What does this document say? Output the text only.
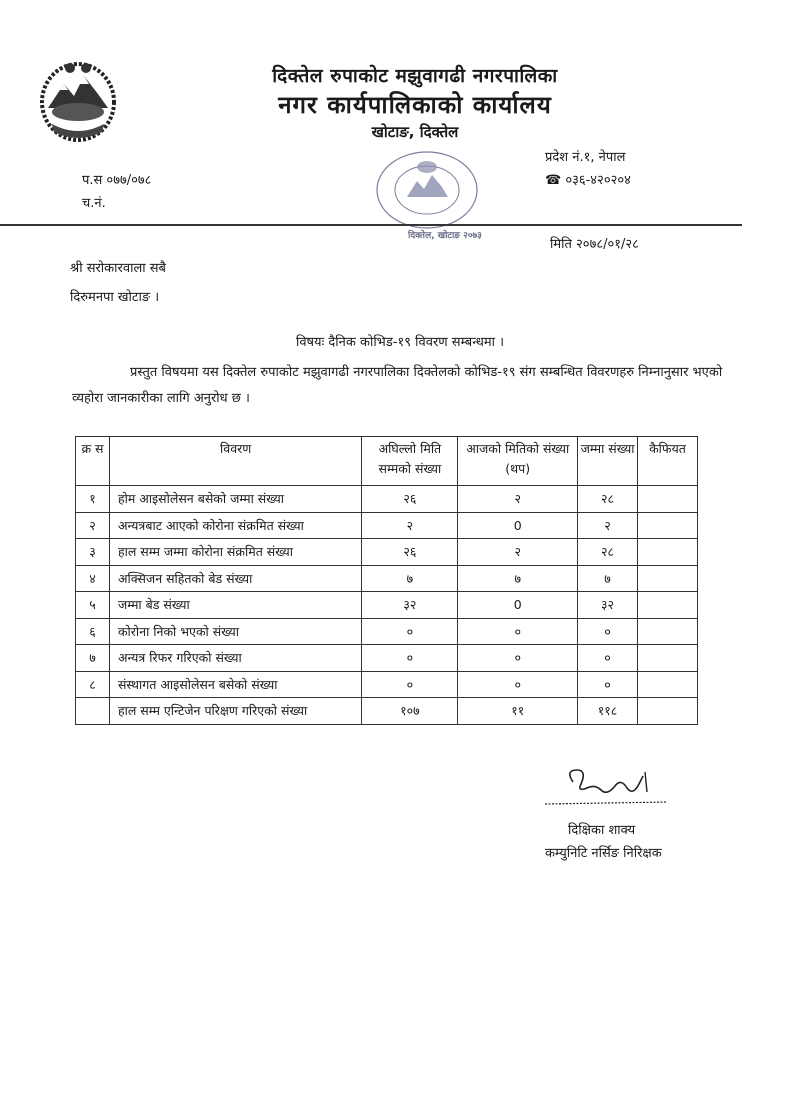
दिक्तेल रुपाकोट मझुवागढी नगरपालिका
नगर कार्यपालिकाको कार्यालय
खोटाङ, दिक्तेल
प.स ०७७/०७८
च.नं.
प्रदेश नं.१, नेपाल
☎ ०३६-४२०२०४
दिक्तेल, खोटाङ २०७३
मिति २०७८/०१/२८
श्री सरोकारवाला सबै
दिरुमनपा खोटाङ ।
विषयः दैनिक कोभिड-१९ विवरण सम्बन्धमा ।
प्रस्तुत विषयमा यस दिक्तेल रुपाकोट मझुवागढी नगरपालिका दिक्तेलको कोभिड-१९ संग सम्बन्धित विवरणहरु निम्नानुसार भएको व्यहोरा जानकारीका लागि अनुरोध छ ।
क्र स	विवरण	अघिल्लो मिति सम्मको संख्या	आजको मितिको संख्या (थप)	जम्मा संख्या	कैफियत
१	होम आइसोलेसन बसेको जम्मा संख्या	२६	२	२८	
२	अन्यत्रबाट आएको कोरोना संक्रमित संख्या	२	0	२	
३	हाल सम्म जम्मा कोरोना संक्रमित संख्या	२६	२	२८	
४	अक्सिजन सहितको बेड संख्या	७	७	७	
५	जम्मा बेड संख्या	३२	0	३२	
६	कोरोना निको भएको संख्या	०	०	०	
७	अन्यत्र रिफर गरिएको संख्या	०	०	०	
८	संस्थागत आइसोलेसन बसेको संख्या	०	०	०	
	हाल सम्म एन्टिजेन परिक्षण गरिएको संख्या	१०७	११	११८	
दिक्षिका शाक्य
कम्युनिटि नर्सिङ निरिक्षक
